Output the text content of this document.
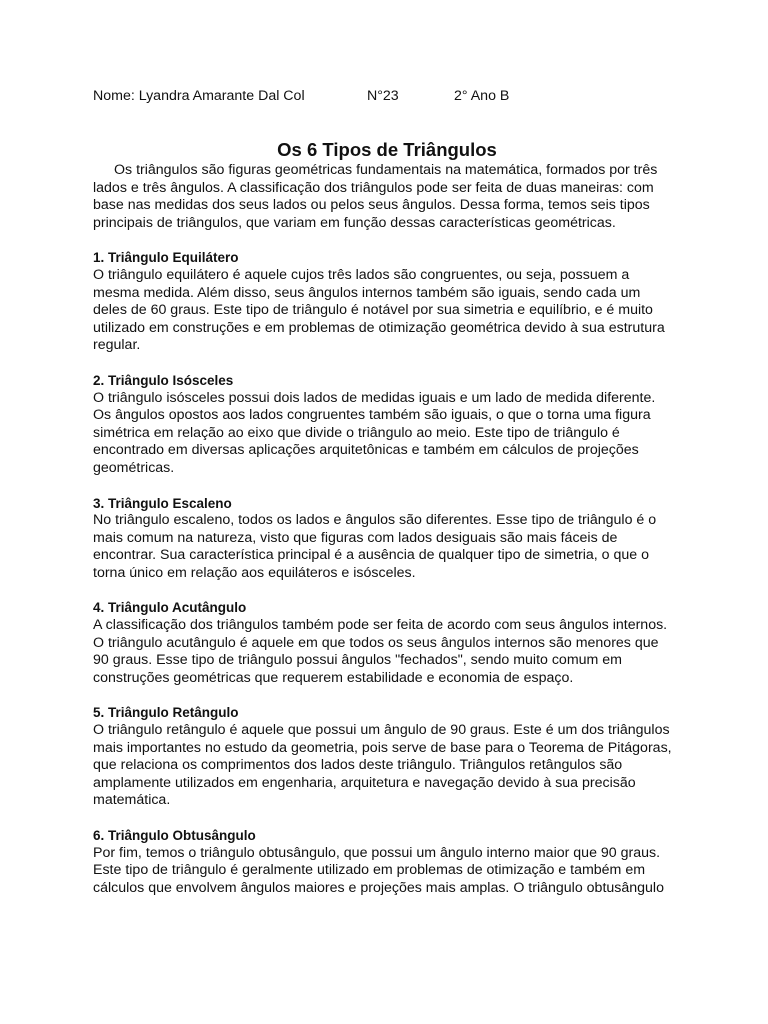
Nome: Lyandra Amarante Dal Col	N°23	2° Ano B
Os 6 Tipos de Triângulos

Os triângulos são figuras geométricas fundamentais na matemática, formados por três lados e três ângulos. A classificação dos triângulos pode ser feita de duas maneiras: com base nas medidas dos seus lados ou pelos seus ângulos. Dessa forma, temos seis tipos principais de triângulos, que variam em função dessas características geométricas.

1. Triângulo Equilátero

O triângulo equilátero é aquele cujos três lados são congruentes, ou seja, possuem a mesma medida. Além disso, seus ângulos internos também são iguais, sendo cada um deles de 60 graus. Este tipo de triângulo é notável por sua simetria e equilíbrio, e é muito utilizado em construções e em problemas de otimização geométrica devido à sua estrutura regular.

2. Triângulo Isósceles

O triângulo isósceles possui dois lados de medidas iguais e um lado de medida diferente. Os ângulos opostos aos lados congruentes também são iguais, o que o torna uma figura simétrica em relação ao eixo que divide o triângulo ao meio. Este tipo de triângulo é encontrado em diversas aplicações arquitetônicas e também em cálculos de projeções geométricas.

3. Triângulo Escaleno

No triângulo escaleno, todos os lados e ângulos são diferentes. Esse tipo de triângulo é o mais comum na natureza, visto que figuras com lados desiguais são mais fáceis de encontrar. Sua característica principal é a ausência de qualquer tipo de simetria, o que o torna único em relação aos equiláteros e isósceles.

4. Triângulo Acutângulo

A classificação dos triângulos também pode ser feita de acordo com seus ângulos internos. O triângulo acutângulo é aquele em que todos os seus ângulos internos são menores que 90 graus. Esse tipo de triângulo possui ângulos "fechados", sendo muito comum em construções geométricas que requerem estabilidade e economia de espaço.

5. Triângulo Retângulo

O triângulo retângulo é aquele que possui um ângulo de 90 graus. Este é um dos triângulos mais importantes no estudo da geometria, pois serve de base para o Teorema de Pitágoras, que relaciona os comprimentos dos lados deste triângulo. Triângulos retângulos são amplamente utilizados em engenharia, arquitetura e navegação devido à sua precisão matemática.

6. Triângulo Obtusângulo

Por fim, temos o triângulo obtusângulo, que possui um ângulo interno maior que 90 graus. Este tipo de triângulo é geralmente utilizado em problemas de otimização e também em cálculos que envolvem ângulos maiores e projeções mais amplas. O triângulo obtusângulo
